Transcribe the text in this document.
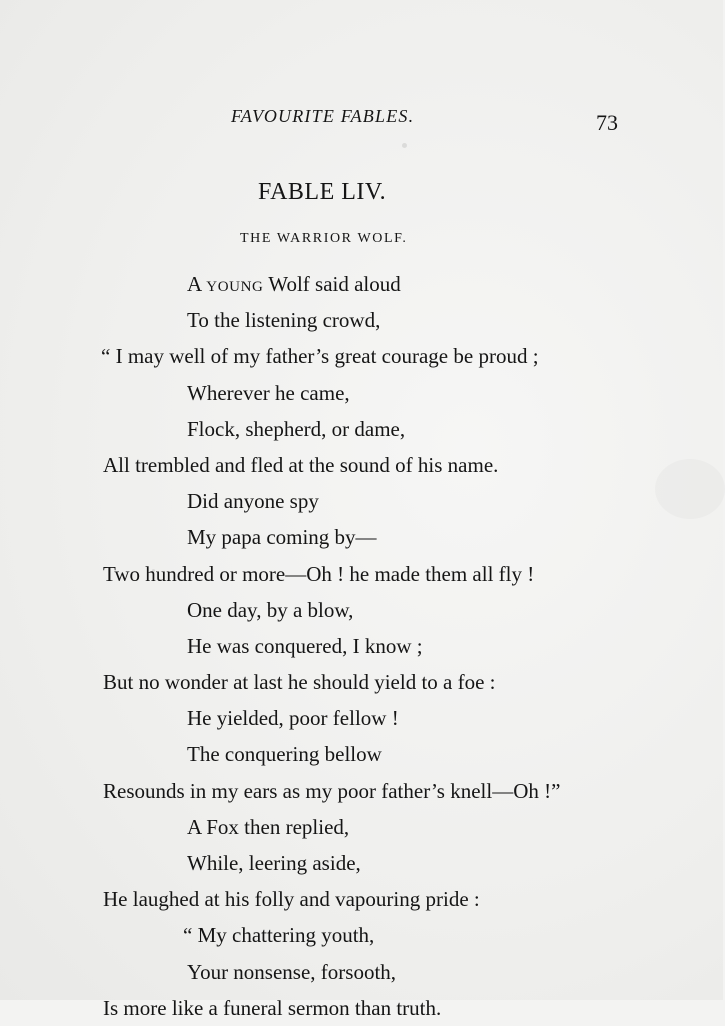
FAVOURITE FABLES.	73
FABLE LIV.
THE WARRIOR WOLF.
A young Wolf said aloud
To the listening crowd,
“ I may well of my father’s great courage be proud ;
Wherever he came,
Flock, shepherd, or dame,
All trembled and fled at the sound of his name.
Did anyone spy
My papa coming by—
Two hundred or more—Oh ! he made them all fly !
One day, by a blow,
He was conquered, I know ;
But no wonder at last he should yield to a foe :
He yielded, poor fellow !
The conquering bellow
Resounds in my ears as my poor father’s knell—Oh !”
A Fox then replied,
While, leering aside,
He laughed at his folly and vapouring pride :
“ My chattering youth,
Your nonsense, forsooth,
Is more like a funeral sermon than truth.
